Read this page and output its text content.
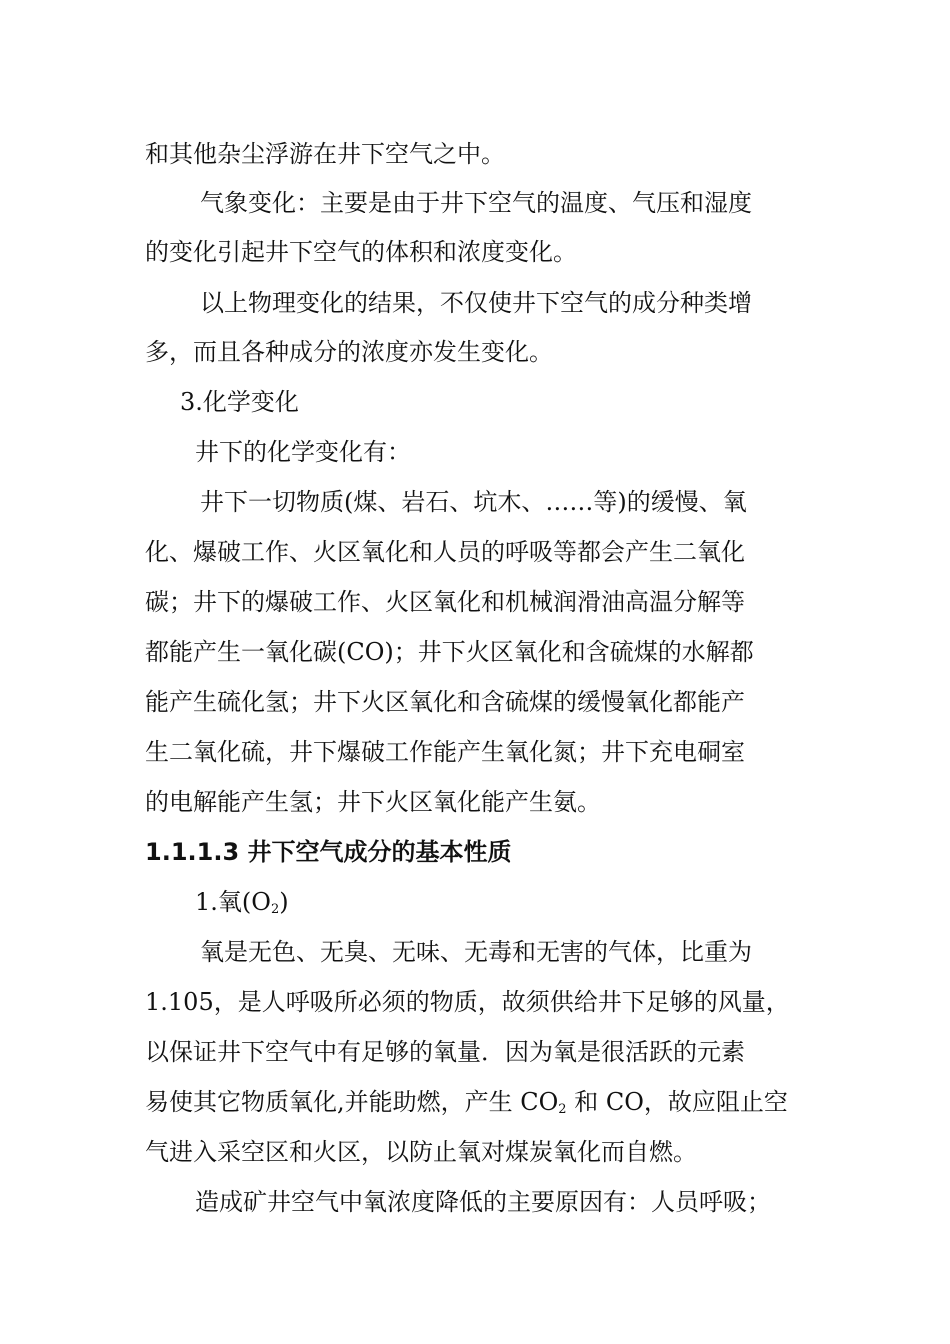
和其他杂尘浮游在井下空气之中。
气象变化：主要是由于井下空气的温度、气压和湿度
的变化引起井下空气的体积和浓度变化。
以上物理变化的结果，不仅使井下空气的成分种类增
多，而且各种成分的浓度亦发生变化。
3.化学变化
井下的化学变化有：
井下一切物质(煤、岩石、坑木、……等)的缓慢、氧
化、爆破工作、火区氧化和人员的呼吸等都会产生二氧化
碳；井下的爆破工作、火区氧化和机械润滑油高温分解等
都能产生一氧化碳(CO)；井下火区氧化和含硫煤的水解都
能产生硫化氢；井下火区氧化和含硫煤的缓慢氧化都能产
生二氧化硫，井下爆破工作能产生氧化氮；井下充电硐室
的电解能产生氢；井下火区氧化能产生氨。
1.1.1.3 井下空气成分的基本性质
1.氧$(O_2)$
氧是无色、无臭、无味、无毒和无害的气体，比重为
1.105，是人呼吸所必须的物质，故须供给井下足够的风量，
以保证井下空气中有足够的氧量．因为氧是很活跃的元素
易使其它物质氧化,并能助燃，产生 $CO_2$ 和 CO，故应阻止空
气进入采空区和火区，以防止氧对煤炭氧化而自燃。
造成矿井空气中氧浓度降低的主要原因有：人员呼吸；
